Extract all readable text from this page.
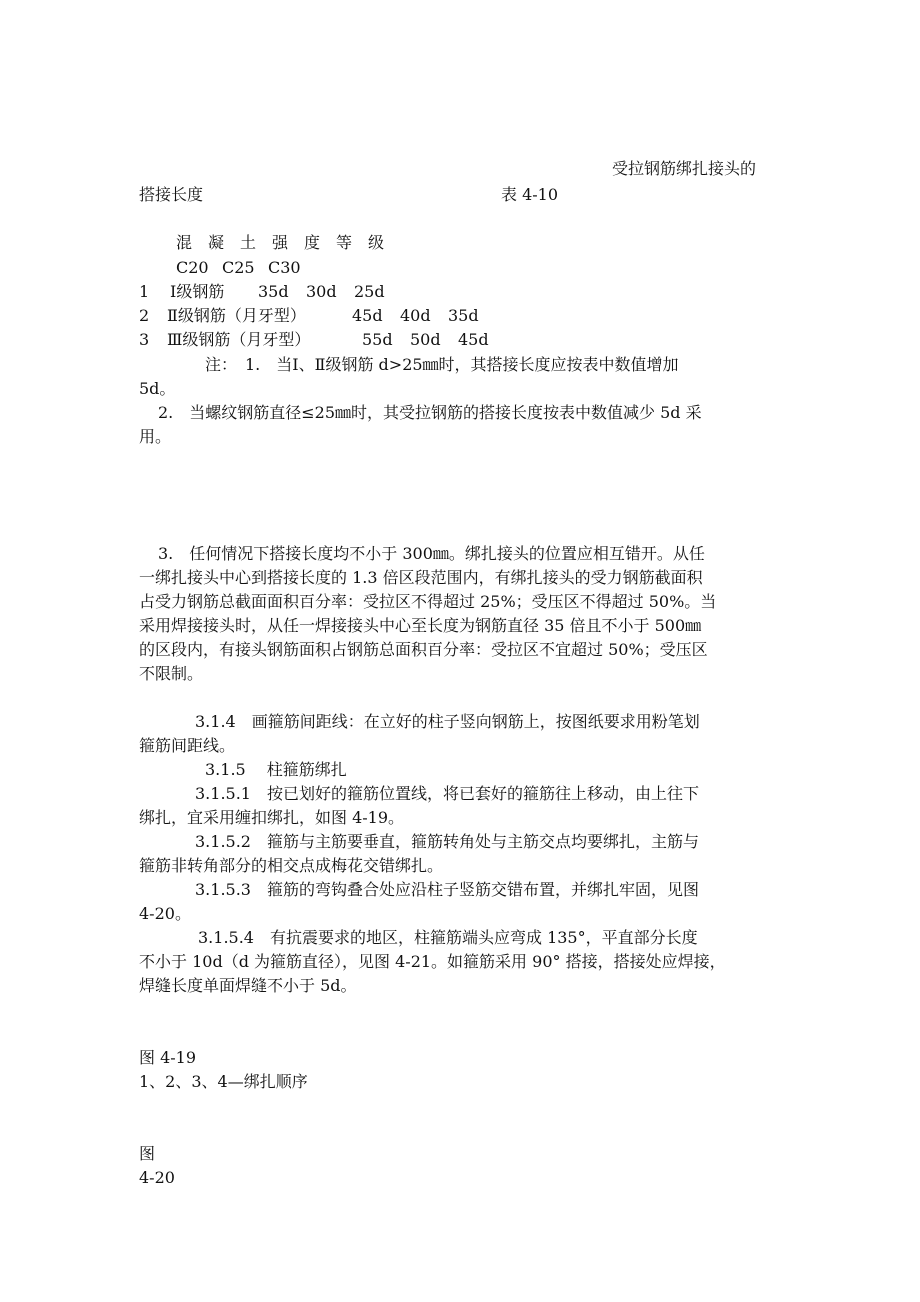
受拉钢筋绑扎接头的
搭接长度	表 4-10
混　凝　土　强　度　等　级
C20 C25 C30
1 Ⅰ级钢筋 35d 30d 25d
2 Ⅱ级钢筋（月牙型）	45d 40d 35d
3 Ⅲ级钢筋（月牙型）	55d 50d 45d
注：　1.　当Ⅰ、Ⅱ级钢筋 d>25㎜时，其搭接长度应按表中数值增加
5d。
2.　当螺纹钢筋直径≤25㎜时，其受拉钢筋的搭接长度按表中数值减少 5d 采
用。
3.　任何情况下搭接长度均不小于 300㎜。绑扎接头的位置应相互错开。从任
一绑扎接头中心到搭接长度的 1.3 倍区段范围内，有绑扎接头的受力钢筋截面积
占受力钢筋总截面面积百分率：受拉区不得超过 25%；受压区不得超过 50%。当
采用焊接接头时，从任一焊接接头中心至长度为钢筋直径 35 倍且不小于 500㎜
的区段内，有接头钢筋面积占钢筋总面积百分率：受拉区不宜超过 50%；受压区
不限制。
3.1.4　画箍筋间距线：在立好的柱子竖向钢筋上，按图纸要求用粉笔划
箍筋间距线。
3.1.5　 柱箍筋绑扎
3.1.5.1　按已划好的箍筋位置线，将已套好的箍筋往上移动，由上往下
绑扎，宜采用缠扣绑扎，如图 4-19。
3.1.5.2　箍筋与主筋要垂直，箍筋转角处与主筋交点均要绑扎，主筋与
箍筋非转角部分的相交点成梅花交错绑扎。
3.1.5.3　箍筋的弯钩叠合处应沿柱子竖筋交错布置，并绑扎牢固，见图
4-20。
3.1.5.4　有抗震要求的地区，柱箍筋端头应弯成 135°，平直部分长度
不小于 10d（d 为箍筋直径），见图 4-21。如箍筋采用 90° 搭接，搭接处应焊接，
焊缝长度单面焊缝不小于 5d。
图 4-19
1、2、3、4—绑扎顺序
图
4-20
